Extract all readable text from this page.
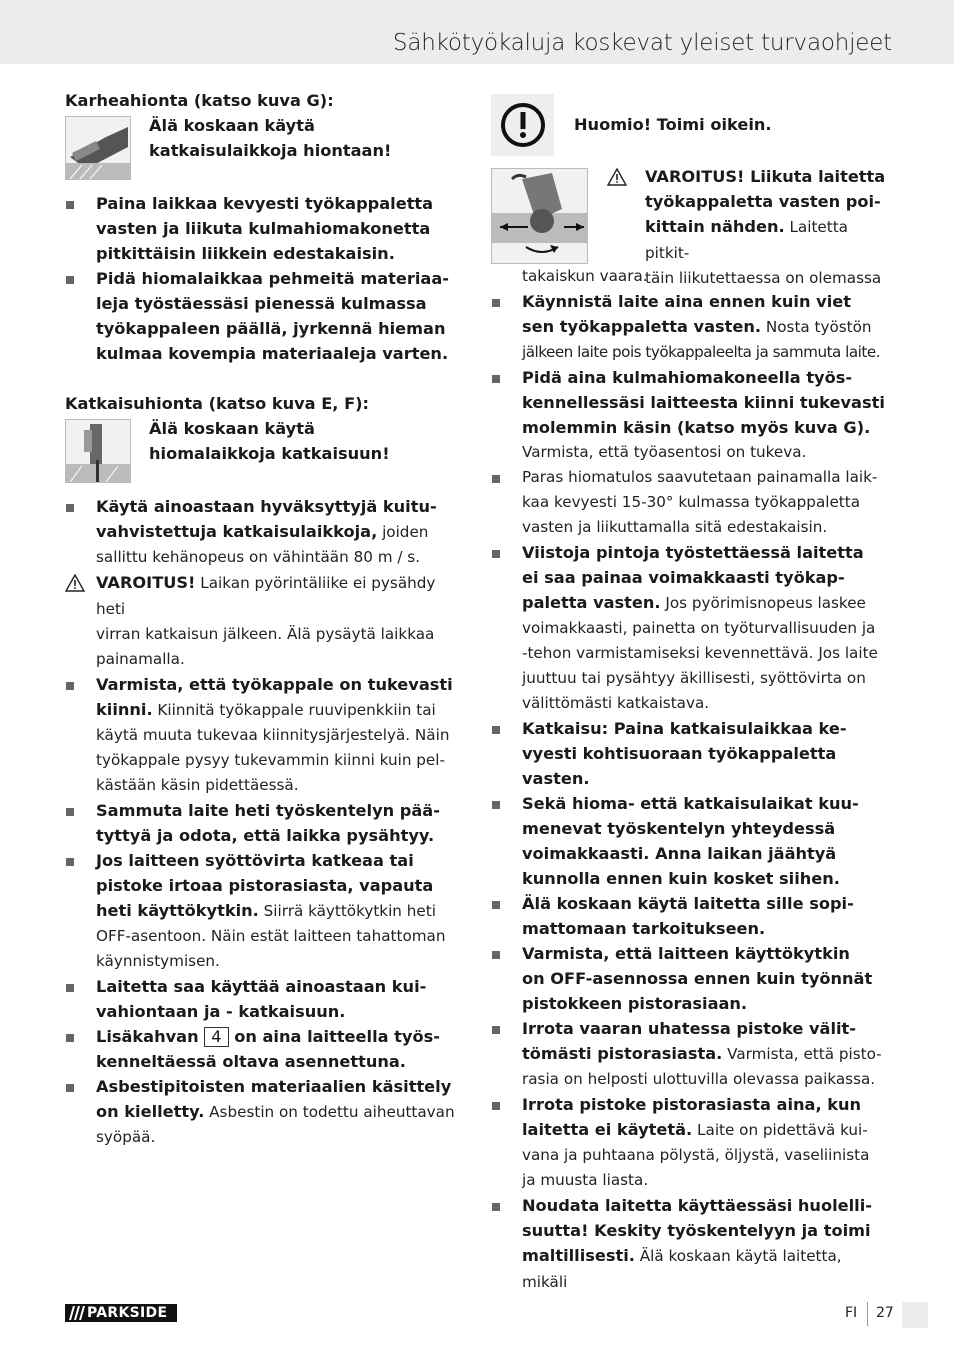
Sähkötyökaluja koskevat yleiset turvaohjeet
Karheahionta (katso kuva G):
Älä koskaan käytä
katkaisulaikkoja hiontaan!
Paina laikkaa kevyesti työkappaletta
vasten ja liikuta kulmahiomakonetta
pitkittäisin liikkein edestakaisin.
Pidä hiomalaikkaa pehmeitä materiaa-
leja työstäessäsi pienessä kulmassa
työkappaleen päällä, jyrkennä hieman
kulmaa kovempia materiaaleja varten.
Katkaisuhionta (katso kuva E, F):
Älä koskaan käytä
hiomalaikkoja katkaisuun!
Käytä ainoastaan hyväksyttyjä kuitu-
vahvistettuja katkaisulaikkoja, joiden
sallittu kehänopeus on vähintään 80 m / s.
VAROITUS! Laikan pyörintäliike ei pysähdy heti
virran katkaisun jälkeen. Älä pysäytä laikkaa
painamalla.
Varmista, että työkappale on tukevasti
kiinni. Kiinnitä työkappale ruuvipenkkiin tai
käytä muuta tukevaa kiinnitysjärjestelyä. Näin
työkappale pysyy tukevammin kiinni kuin pel-
kästään käsin pidettäessä.
Sammuta laite heti työskentelyn pää-
tyttyä ja odota, että laikka pysähtyy.
Jos laitteen syöttövirta katkeaa tai
pistoke irtoaa pistorasiasta, vapauta
heti käyttökytkin. Siirrä käyttökytkin heti
OFF-asentoon. Näin estät laitteen tahattoman
käynnistymisen.
Laitetta saa käyttää ainoastaan kui-
vahiontaan ja - katkaisuun.
Lisäkahvan 4 on aina laitteella työs-
kenneltäessä oltava asennettuna.
Asbestipitoisten materiaalien käsittely
on kielletty. Asbestin on todettu aiheuttavan
syöpää.
Huomio! Toimi oikein.
VAROITUS! Liikuta laitetta
työkappaletta vasten poi-
kittain nähden. Laitetta pitkit-
täin liikutettaessa on olemassa
takaiskun vaara.
Käynnistä laite aina ennen kuin viet
sen työkappaletta vasten. Nosta työstön
jälkeen laite pois työkappaleelta ja sammuta laite.
Pidä aina kulmahiomakoneella työs-
kennellessäsi laitteesta kiinni tukevasti
molemmin käsin (katso myös kuva G).
Varmista, että työasentosi on tukeva.
Paras hiomatulos saavutetaan painamalla laik-
kaa kevyesti 15-30° kulmassa työkappaletta
vasten ja liikuttamalla sitä edestakaisin.
Viistoja pintoja työstettäessä laitetta
ei saa painaa voimakkaasti työkap-
paletta vasten. Jos pyörimisnopeus laskee
voimakkaasti, painetta on työturvallisuuden ja
-tehon varmistamiseksi kevennettävä. Jos laite
juuttuu tai pysähtyy äkillisesti, syöttövirta on
välittömästi katkaistava.
Katkaisu: Paina katkaisulaikkaa ke-
vyesti kohtisuoraan työkappaletta
vasten.
Sekä hioma- että katkaisulaikat kuu-
menevat työskentelyn yhteydessä
voimakkaasti. Anna laikan jäähtyä
kunnolla ennen kuin kosket siihen.
Älä koskaan käytä laitetta sille sopi-
mattomaan tarkoitukseen.
Varmista, että laitteen käyttökytkin
on OFF-asennossa ennen kuin työnnät
pistokkeen pistorasiaan.
Irrota vaaran uhatessa pistoke välit-
tömästi pistorasiasta. Varmista, että pisto-
rasia on helposti ulottuvilla olevassa paikassa.
Irrota pistoke pistorasiasta aina, kun
laitetta ei käytetä. Laite on pidettävä kui-
vana ja puhtaana pölystä, öljystä, vaseliinista
ja muusta liasta.
Noudata laitetta käyttäessäsi huolelli-
suutta! Keskity työskentelyyn ja toimi
maltillisesti. Älä koskaan käytä laitetta, mikäli
PARKSIDE	FI 27
